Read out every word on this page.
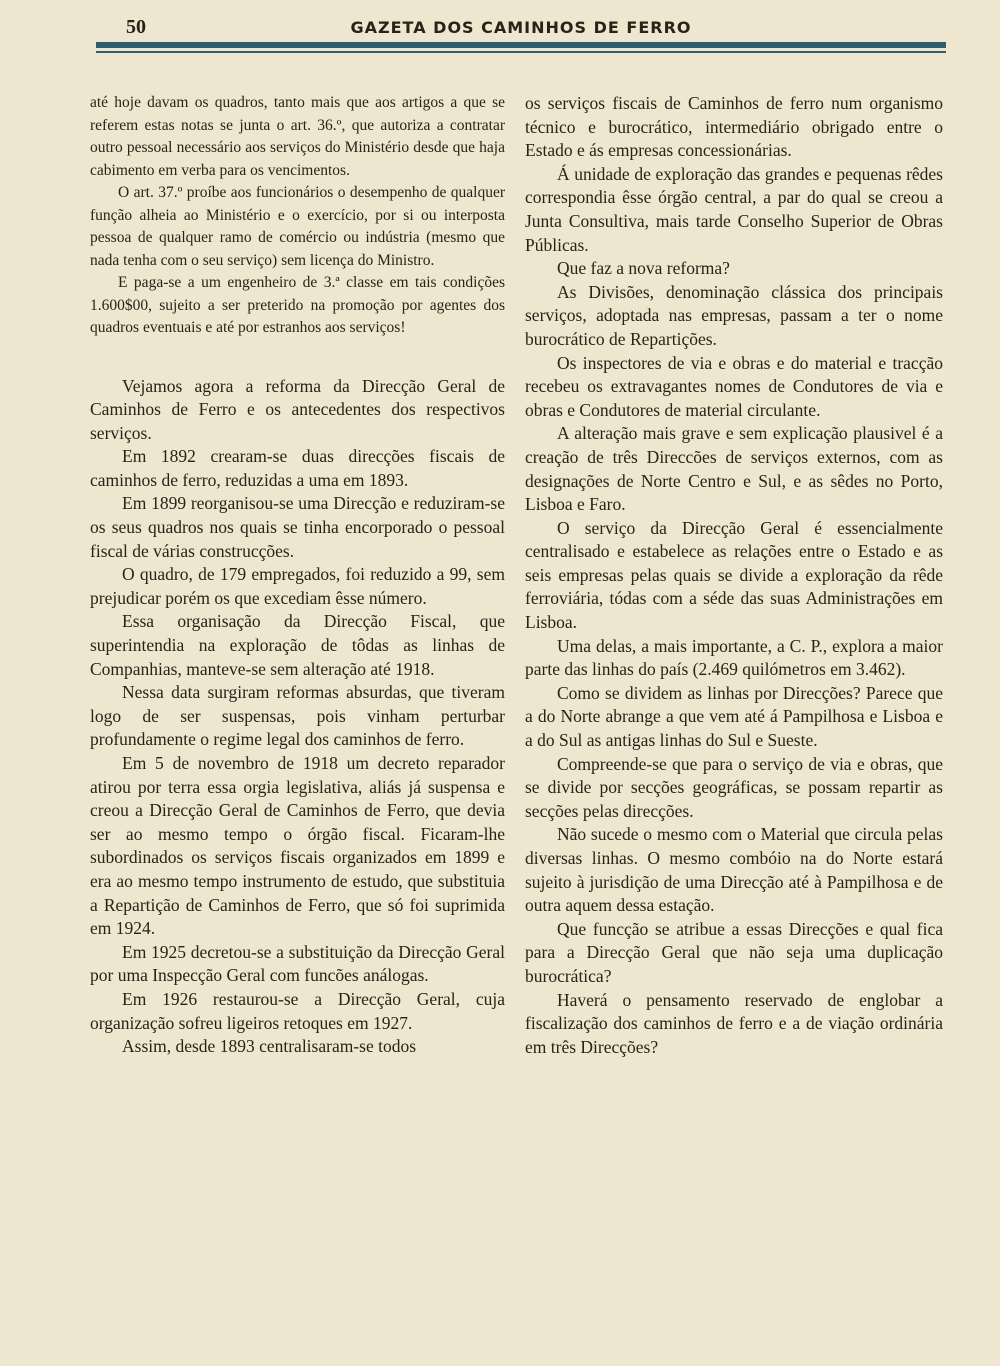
50	GAZETA DOS CAMINHOS DE FERRO

até hoje davam os quadros, tanto mais que aos artigos a que se referem estas notas se junta o art. 36.º, que autoriza a contratar outro pessoal necessário aos serviços do Ministério desde que haja cabimento em verba para os vencimentos.

O art. 37.º proíbe aos funcionários o desempenho de qualquer função alheia ao Ministério e o exercício, por si ou interposta pessoa de qualquer ramo de comércio ou indústria (mesmo que nada tenha com o seu serviço) sem licença do Ministro.

E paga-se a um engenheiro de 3.ª classe em tais condições 1.600$00, sujeito a ser preterido na promoção por agentes dos quadros eventuais e até por estranhos aos serviços!

Vejamos agora a reforma da Direcção Geral de Caminhos de Ferro e os antecedentes dos respectivos serviços.

Em 1892 crearam-se duas direcções fiscais de caminhos de ferro, reduzidas a uma em 1893.

Em 1899 reorganisou-se uma Direcção e reduziram-se os seus quadros nos quais se tinha encorporado o pessoal fiscal de várias construcções.

O quadro, de 179 empregados, foi reduzido a 99, sem prejudicar porém os que excediam êsse número.

Essa organisação da Direcção Fiscal, que superintendia na exploração de tôdas as linhas de Companhias, manteve-se sem alteração até 1918.

Nessa data surgiram reformas absurdas, que tiveram logo de ser suspensas, pois vinham perturbar profundamente o regime legal dos caminhos de ferro.

Em 5 de novembro de 1918 um decreto reparador atirou por terra essa orgia legislativa, aliás já suspensa e creou a Direcção Geral de Caminhos de Ferro, que devia ser ao mesmo tempo o órgão fiscal. Ficaram-lhe subordinados os serviços fiscais organizados em 1899 e era ao mesmo tempo instrumento de estudo, que substituia a Repartição de Caminhos de Ferro, que só foi suprimida em 1924.

Em 1925 decretou-se a substituição da Direcção Geral por uma Inspecção Geral com funcões análogas.

Em 1926 restaurou-se a Direcção Geral, cuja organização sofreu ligeiros retoques em 1927.

Assim, desde 1893 centralisaram-se todos

os serviços fiscais de Caminhos de ferro num organismo técnico e burocrático, intermediário obrigado entre o Estado e ás empresas concessionárias.

Á unidade de exploração das grandes e pequenas rêdes correspondia êsse órgão central, a par do qual se creou a Junta Consultiva, mais tarde Conselho Superior de Obras Públicas.

Que faz a nova reforma?

As Divisões, denominação clássica dos principais serviços, adoptada nas empresas, passam a ter o nome burocrático de Repartições.

Os inspectores de via e obras e do material e tracção recebeu os extravagantes nomes de Condutores de via e obras e Condutores de material circulante.

A alteração mais grave e sem explicação plausivel é a creação de três Direccões de serviços externos, com as designações de Norte Centro e Sul, e as sêdes no Porto, Lisboa e Faro.

O serviço da Direcção Geral é essencialmente centralisado e estabelece as relações entre o Estado e as seis empresas pelas quais se divide a exploração da rêde ferroviária, tódas com a séde das suas Administrações em Lisboa.

Uma delas, a mais importante, a C. P., explora a maior parte das linhas do país (2.469 quilómetros em 3.462).

Como se dividem as linhas por Direcções? Parece que a do Norte abrange a que vem até á Pampilhosa e Lisboa e a do Sul as antigas linhas do Sul e Sueste.

Compreende-se que para o serviço de via e obras, que se divide por secções geográficas, se possam repartir as secções pelas direcções.

Não sucede o mesmo com o Material que circula pelas diversas linhas. O mesmo combóio na do Norte estará sujeito à jurisdição de uma Direcção até à Pampilhosa e de outra aquem dessa estação.

Que funcção se atribue a essas Direcções e qual fica para a Direcção Geral que não seja uma duplicação burocrática?

Haverá o pensamento reservado de englobar a fiscalização dos caminhos de ferro e a de viação ordinária em três Direcções?
